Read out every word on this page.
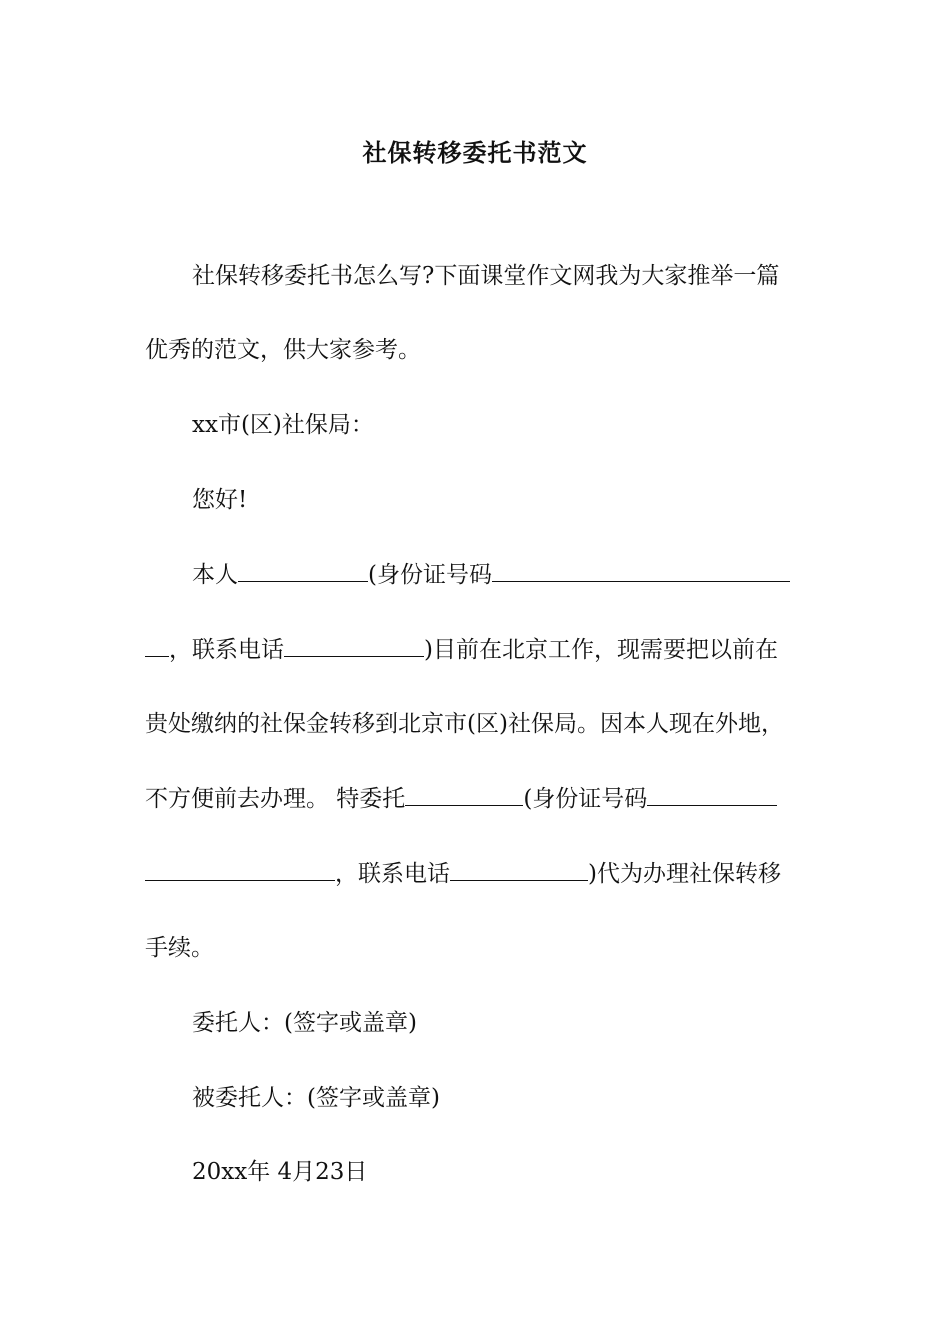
社保转移委托书范文
社保转移委托书怎么写?下面课堂作文网我为大家推举一篇
优秀的范文，供大家参考。
xx市(区)社保局：
您好!
本人	(身份证号码
，联系电话	)目前在北京工作，现需要把以前在
贵处缴纳的社保金转移到北京市(区)社保局。因本人现在外地，
不方便前去办理。 特委托	(身份证号码
，联系电话	)代为办理社保转移
手续。
委托人：(签字或盖章)
被委托人：(签字或盖章)
20xx年 4月23日
